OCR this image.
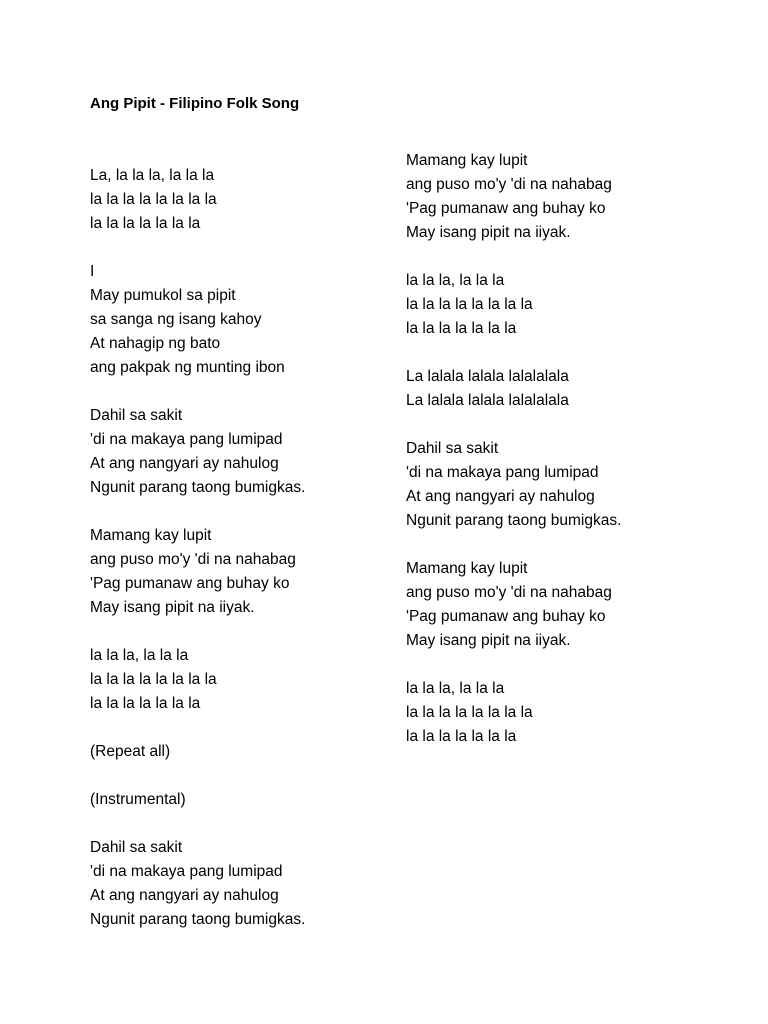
Ang Pipit - Filipino Folk Song
La, la la la, la la la
la la la la la la la la
la la la la la la la
I
May pumukol sa pipit
sa sanga ng isang kahoy
At nahagip ng bato
ang pakpak ng munting ibon
Dahil sa sakit
'di na makaya pang lumipad
At ang nangyari ay nahulog
Ngunit parang taong bumigkas.
Mamang kay lupit
ang puso mo'y 'di na nahabag
'Pag pumanaw ang buhay ko
May isang pipit na iiyak.
la la la, la la la
la la la la la la la la
la la la la la la la
(Repeat all)
(Instrumental)
Dahil sa sakit
'di na makaya pang lumipad
At ang nangyari ay nahulog
Ngunit parang taong bumigkas.
Mamang kay lupit
ang puso mo'y 'di na nahabag
'Pag pumanaw ang buhay ko
May isang pipit na iiyak.
la la la, la la la
la la la la la la la la
la la la la la la la
La lalala lalala lalalalala
La lalala lalala lalalalala
Dahil sa sakit
'di na makaya pang lumipad
At ang nangyari ay nahulog
Ngunit parang taong bumigkas.
Mamang kay lupit
ang puso mo'y 'di na nahabag
'Pag pumanaw ang buhay ko
May isang pipit na iiyak.
la la la, la la la
la la la la la la la la
la la la la la la la
